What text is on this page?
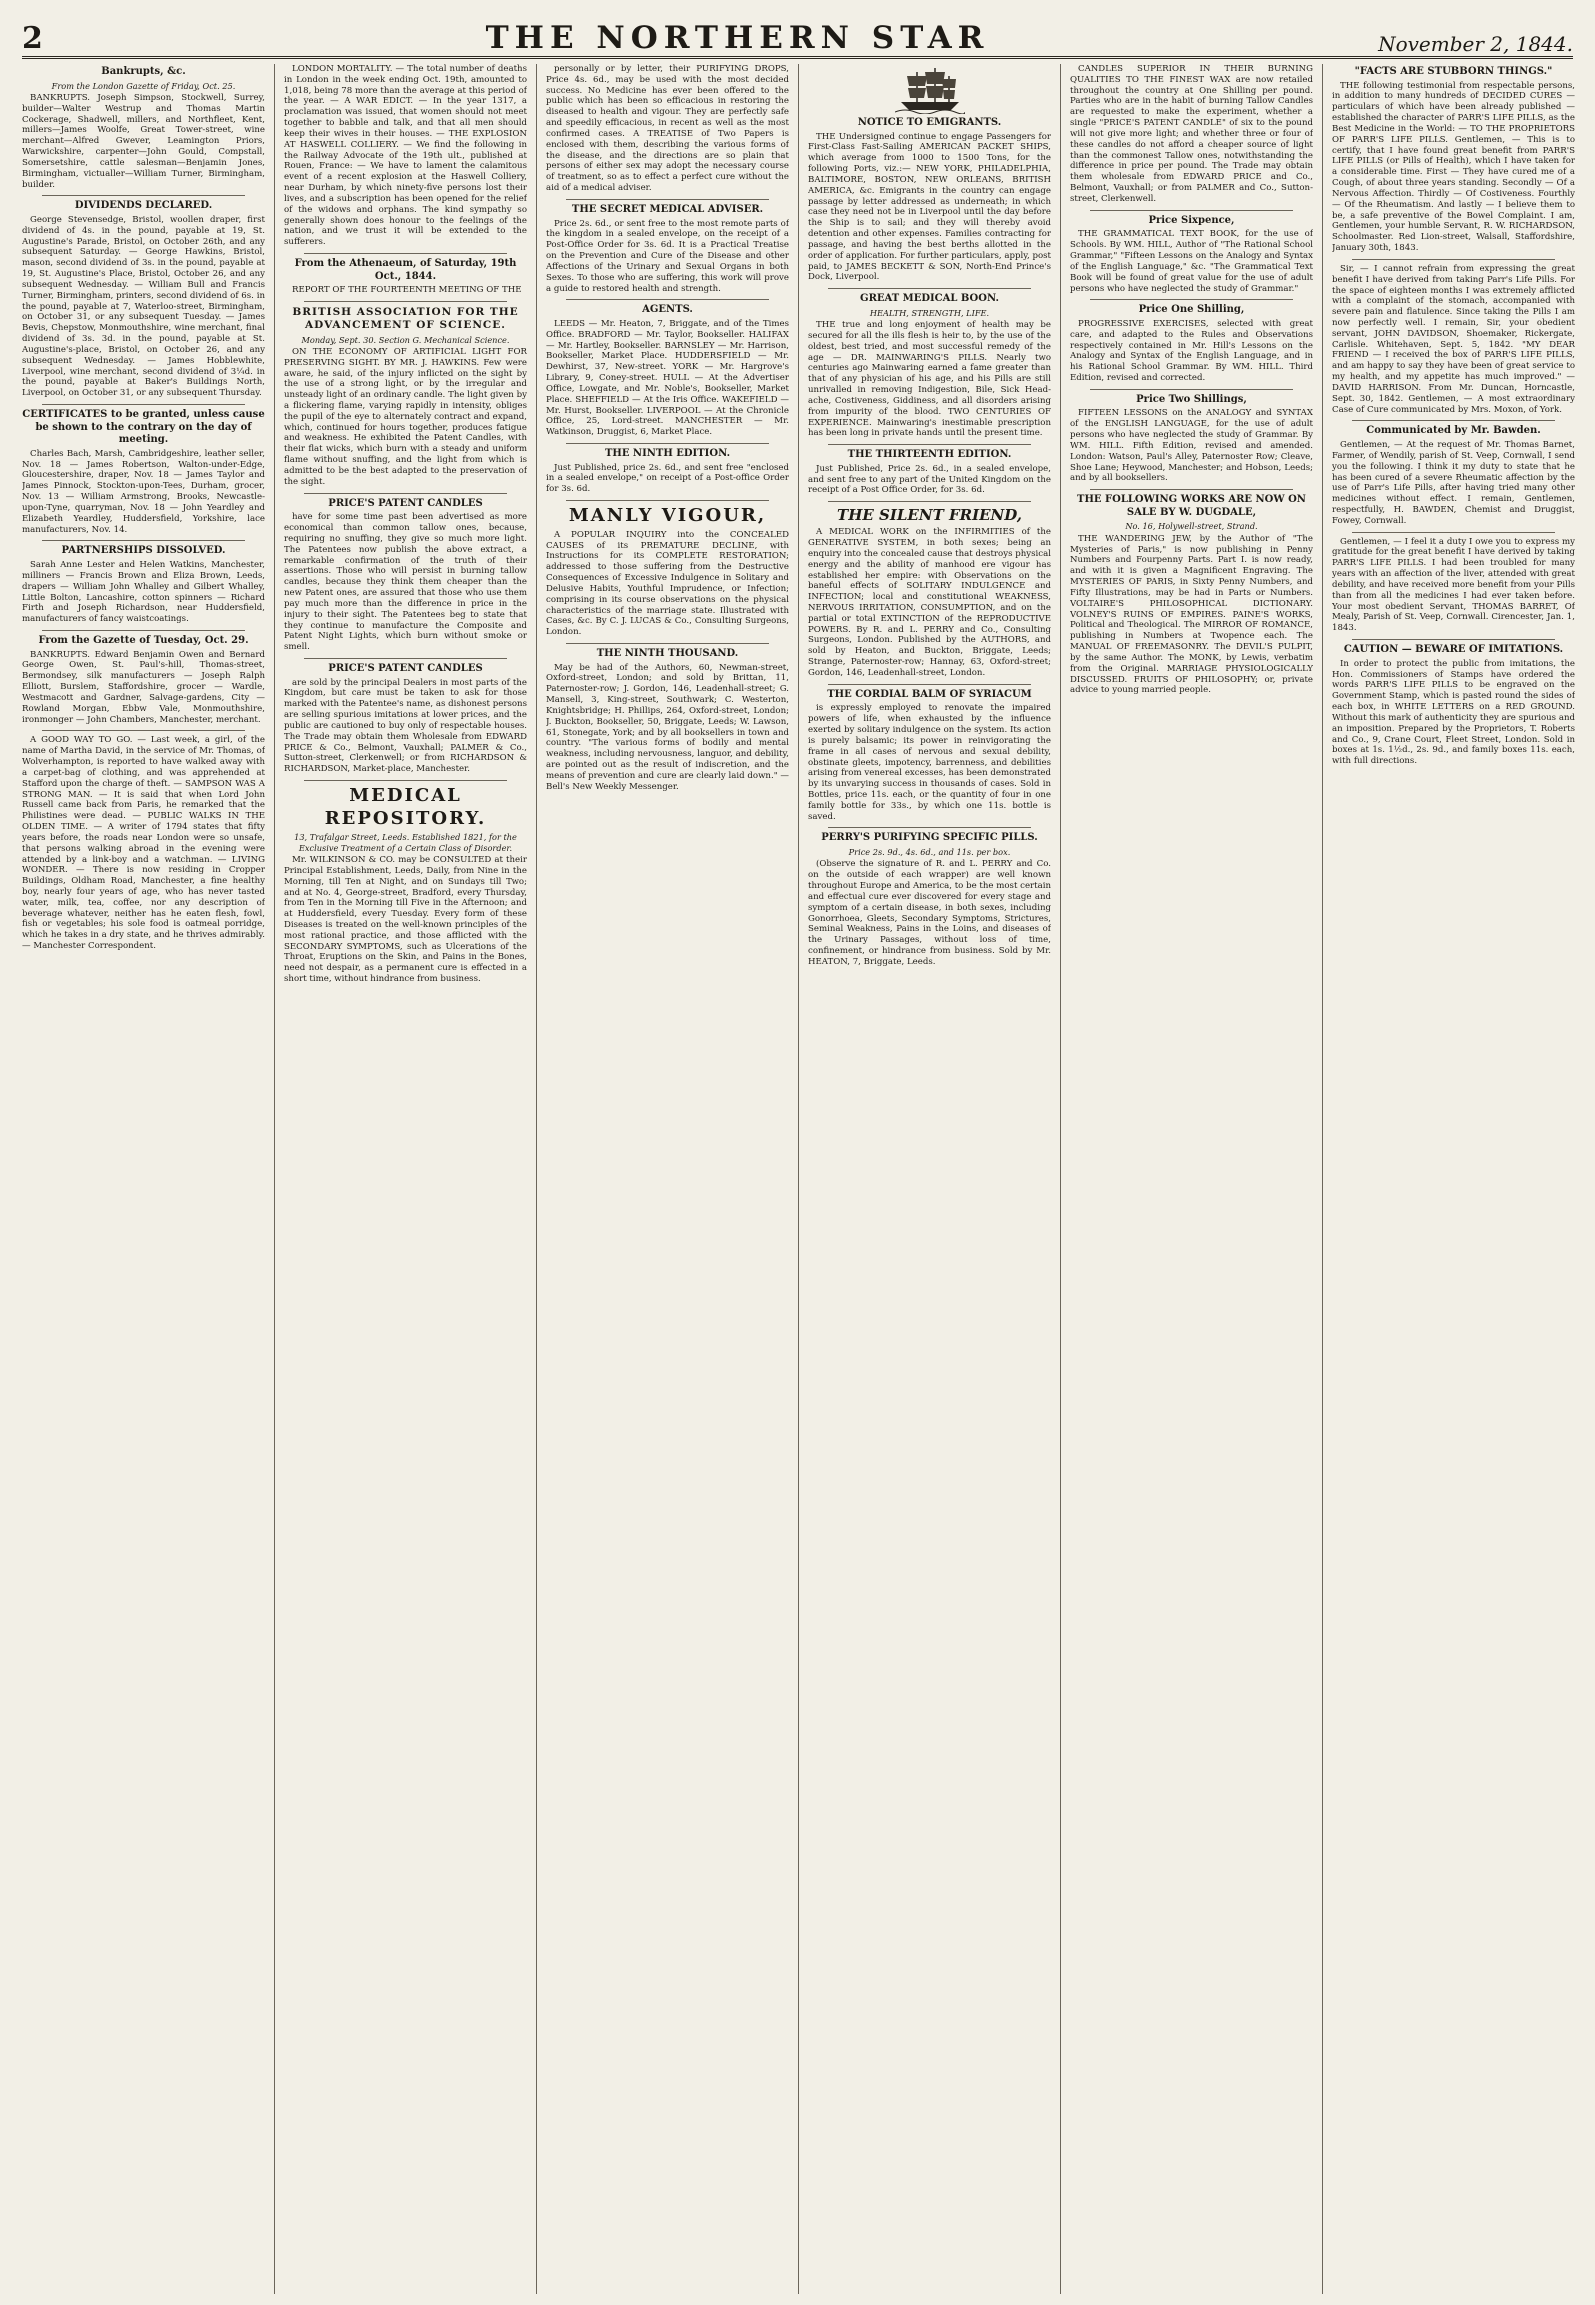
2	THE NORTHERN STAR	November 2, 1844.
Bankrupts, &c.
From the London Gazette of Friday, Oct. 25.
BANKRUPTS. Joseph Simpson, Stockwell, Surrey, builder—Walter Westrup and Thomas Martin Cockerage, Shadwell, millers, and Northfleet, Kent, millers—James Woolfe, Great Tower-street, wine merchant—Alfred Gwever, Leamington Priors, Warwickshire, carpenter—John Gould, Compstall, Somersetshire, cattle salesman—Benjamin Jones, Birmingham, victualler—William Turner, Birmingham, builder.
DIVIDENDS DECLARED.
George Stevensedge, Bristol, woollen draper, first dividend of 4s. in the pound, payable at 19, St. Augustine's Parade, Bristol, on October 26th, and any subsequent Saturday. — George Hawkins, Bristol, mason, second dividend of 3s. in the pound, payable at 19, St. Augustine's Place, Bristol, October 26, and any subsequent Wednesday. — William Bull and Francis Turner, Birmingham, printers, second dividend of 6s. in the pound, payable at 7, Waterloo-street, Birmingham, on October 31, or any subsequent Tuesday. — James Bevis, Chepstow, Monmouthshire, wine merchant, final dividend of 3s. 3d. in the pound, payable at St. Augustine's-place, Bristol, on October 26, and any subsequent Wednesday. — James Hobblewhite, Liverpool, wine merchant, second dividend of 3¼d. in the pound, payable at Baker's Buildings North, Liverpool, on October 31, or any subsequent Thursday.
CERTIFICATES to be granted, unless cause be shown to the contrary on the day of meeting.
Charles Bach, Marsh, Cambridgeshire, leather seller, Nov. 18 — James Robertson, Walton-under-Edge, Gloucestershire, draper, Nov. 18 — James Taylor and James Pinnock, Stockton-upon-Tees, Durham, grocer, Nov. 13 — William Armstrong, Brooks, Newcastle-upon-Tyne, quarryman, Nov. 18 — John Yeardley and Elizabeth Yeardley, Huddersfield, Yorkshire, lace manufacturers, Nov. 14.
PARTNERSHIPS DISSOLVED.
Sarah Anne Lester and Helen Watkins, Manchester, milliners — Francis Brown and Eliza Brown, Leeds, drapers — William John Whalley and Gilbert Whalley, Little Bolton, Lancashire, cotton spinners — Richard Firth and Joseph Richardson, near Huddersfield, manufacturers of fancy waistcoatings.
From the Gazette of Tuesday, Oct. 29.
BANKRUPTS. Edward Benjamin Owen and Bernard George Owen, St. Paul's-hill, Thomas-street, Bermondsey, silk manufacturers — Joseph Ralph Elliott, Burslem, Staffordshire, grocer — Wardle, Westmacott and Gardner, Salvage-gardens, City — Rowland Morgan, Ebbw Vale, Monmouthshire, ironmonger — John Chambers, Manchester, merchant.
A GOOD WAY TO GO. — Last week, a girl, of the name of Martha David, in the service of Mr. Thomas, of Wolverhampton, is reported to have walked away with a carpet-bag of clothing, and was apprehended at Stafford upon the charge of theft. — SAMPSON WAS A STRONG MAN. — It is said that when Lord John Russell came back from Paris, he remarked that the Philistines were dead. — PUBLIC WALKS IN THE OLDEN TIME. — A writer of 1794 states that fifty years before, the roads near London were so unsafe, that persons walking abroad in the evening were attended by a link-boy and a watchman. — LIVING WONDER. — There is now residing in Cropper Buildings, Oldham Road, Manchester, a fine healthy boy, nearly four years of age, who has never tasted water, milk, tea, coffee, nor any description of beverage whatever, neither has he eaten flesh, fowl, fish or vegetables; his sole food is oatmeal porridge, which he takes in a dry state, and he thrives admirably. — Manchester Correspondent.
LONDON MORTALITY. — The total number of deaths in London in the week ending Oct. 19th, amounted to 1,018, being 78 more than the average at this period of the year. — A WAR EDICT. — In the year 1317, a proclamation was issued, that women should not meet together to babble and talk, and that all men should keep their wives in their houses. — THE EXPLOSION AT HASWELL COLLIERY. — We find the following in the Railway Advocate of the 19th ult., published at Rouen, France: — We have to lament the calamitous event of a recent explosion at the Haswell Colliery, near Durham, by which ninety-five persons lost their lives, and a subscription has been opened for the relief of the widows and orphans. The kind sympathy so generally shown does honour to the feelings of the nation, and we trust it will be extended to the sufferers.
From the Athenaeum, of Saturday, 19th Oct., 1844.
REPORT OF THE FOURTEENTH MEETING OF THE
BRITISH ASSOCIATION FOR THE ADVANCEMENT OF SCIENCE.
Monday, Sept. 30. Section G. Mechanical Science.
ON THE ECONOMY OF ARTIFICIAL LIGHT FOR PRESERVING SIGHT. BY MR. J. HAWKINS. Few were aware, he said, of the injury inflicted on the sight by the use of a strong light, or by the irregular and unsteady light of an ordinary candle. The light given by a flickering flame, varying rapidly in intensity, obliges the pupil of the eye to alternately contract and expand, which, continued for hours together, produces fatigue and weakness. He exhibited the Patent Candles, with their flat wicks, which burn with a steady and uniform flame without snuffing, and the light from which is admitted to be the best adapted to the preservation of the sight.
PRICE'S PATENT CANDLES
have for some time past been advertised as more economical than common tallow ones, because, requiring no snuffing, they give so much more light. The Patentees now publish the above extract, a remarkable confirmation of the truth of their assertions. Those who will persist in burning tallow candles, because they think them cheaper than the new Patent ones, are assured that those who use them pay much more than the difference in price in the injury to their sight. The Patentees beg to state that they continue to manufacture the Composite and Patent Night Lights, which burn without smoke or smell.
PRICE'S PATENT CANDLES
are sold by the principal Dealers in most parts of the Kingdom, but care must be taken to ask for those marked with the Patentee's name, as dishonest persons are selling spurious imitations at lower prices, and the public are cautioned to buy only of respectable houses. The Trade may obtain them Wholesale from EDWARD PRICE & Co., Belmont, Vauxhall; PALMER & Co., Sutton-street, Clerkenwell; or from RICHARDSON & RICHARDSON, Market-place, Manchester.
MEDICAL REPOSITORY.
13, Trafalgar Street, Leeds. Established 1821, for the Exclusive Treatment of a Certain Class of Disorder.
Mr. WILKINSON & CO. may be CONSULTED at their Principal Establishment, Leeds, Daily, from Nine in the Morning, till Ten at Night, and on Sundays till Two; and at No. 4, George-street, Bradford, every Thursday, from Ten in the Morning till Five in the Afternoon; and at Huddersfield, every Tuesday. Every form of these Diseases is treated on the well-known principles of the most rational practice, and those afflicted with the SECONDARY SYMPTOMS, such as Ulcerations of the Throat, Eruptions on the Skin, and Pains in the Bones, need not despair, as a permanent cure is effected in a short time, without hindrance from business.
personally or by letter, their PURIFYING DROPS, Price 4s. 6d., may be used with the most decided success. No Medicine has ever been offered to the public which has been so efficacious in restoring the diseased to health and vigour. They are perfectly safe and speedily efficacious, in recent as well as the most confirmed cases. A TREATISE of Two Papers is enclosed with them, describing the various forms of the disease, and the directions are so plain that persons of either sex may adopt the necessary course of treatment, so as to effect a perfect cure without the aid of a medical adviser.
THE SECRET MEDICAL ADVISER.
Price 2s. 6d., or sent free to the most remote parts of the kingdom in a sealed envelope, on the receipt of a Post-Office Order for 3s. 6d. It is a Practical Treatise on the Prevention and Cure of the Disease and other Affections of the Urinary and Sexual Organs in both Sexes. To those who are suffering, this work will prove a guide to restored health and strength.
AGENTS.
LEEDS — Mr. Heaton, 7, Briggate, and of the Times Office. BRADFORD — Mr. Taylor, Bookseller. HALIFAX — Mr. Hartley, Bookseller. BARNSLEY — Mr. Harrison, Bookseller, Market Place. HUDDERSFIELD — Mr. Dewhirst, 37, New-street. YORK — Mr. Hargrove's Library, 9, Coney-street. HULL — At the Advertiser Office, Lowgate, and Mr. Noble's, Bookseller, Market Place. SHEFFIELD — At the Iris Office. WAKEFIELD — Mr. Hurst, Bookseller. LIVERPOOL — At the Chronicle Office, 25, Lord-street. MANCHESTER — Mr. Watkinson, Druggist, 6, Market Place.
THE NINTH EDITION.
Just Published, price 2s. 6d., and sent free "enclosed in a sealed envelope," on receipt of a Post-office Order for 3s. 6d.
MANLY VIGOUR,
A POPULAR INQUIRY into the CONCEALED CAUSES of its PREMATURE DECLINE, with Instructions for its COMPLETE RESTORATION; addressed to those suffering from the Destructive Consequences of Excessive Indulgence in Solitary and Delusive Habits, Youthful Imprudence, or Infection; comprising in its course observations on the physical characteristics of the marriage state. Illustrated with Cases, &c. By C. J. LUCAS & Co., Consulting Surgeons, London.
THE NINTH THOUSAND.
May be had of the Authors, 60, Newman-street, Oxford-street, London; and sold by Brittan, 11, Paternoster-row; J. Gordon, 146, Leadenhall-street; G. Mansell, 3, King-street, Southwark; C. Westerton, Knightsbridge; H. Phillips, 264, Oxford-street, London; J. Buckton, Bookseller, 50, Briggate, Leeds; W. Lawson, 61, Stonegate, York; and by all booksellers in town and country. "The various forms of bodily and mental weakness, including nervousness, languor, and debility, are pointed out as the result of indiscretion, and the means of prevention and cure are clearly laid down." — Bell's New Weekly Messenger.
NOTICE TO EMIGRANTS.
THE Undersigned continue to engage Passengers for First-Class Fast-Sailing AMERICAN PACKET SHIPS, which average from 1000 to 1500 Tons, for the following Ports, viz.:— NEW YORK, PHILADELPHIA, BALTIMORE, BOSTON, NEW ORLEANS, BRITISH AMERICA, &c. Emigrants in the country can engage passage by letter addressed as underneath; in which case they need not be in Liverpool until the day before the Ship is to sail; and they will thereby avoid detention and other expenses. Families contracting for passage, and having the best berths allotted in the order of application. For further particulars, apply, post paid, to JAMES BECKETT & SON, North-End Prince's Dock, Liverpool.
GREAT MEDICAL BOON.
HEALTH, STRENGTH, LIFE.
THE true and long enjoyment of health may be secured for all the ills flesh is heir to, by the use of the oldest, best tried, and most successful remedy of the age — DR. MAINWARING'S PILLS. Nearly two centuries ago Mainwaring earned a fame greater than that of any physician of his age, and his Pills are still unrivalled in removing Indigestion, Bile, Sick Head-ache, Costiveness, Giddiness, and all disorders arising from impurity of the blood. TWO CENTURIES OF EXPERIENCE. Mainwaring's inestimable prescription has been long in private hands until the present time.
THE THIRTEENTH EDITION.
Just Published, Price 2s. 6d., in a sealed envelope, and sent free to any part of the United Kingdom on the receipt of a Post Office Order, for 3s. 6d.
THE SILENT FRIEND,
A MEDICAL WORK on the INFIRMITIES of the GENERATIVE SYSTEM, in both sexes; being an enquiry into the concealed cause that destroys physical energy and the ability of manhood ere vigour has established her empire: with Observations on the baneful effects of SOLITARY INDULGENCE and INFECTION; local and constitutional WEAKNESS, NERVOUS IRRITATION, CONSUMPTION, and on the partial or total EXTINCTION of the REPRODUCTIVE POWERS. By R. and L. PERRY and Co., Consulting Surgeons, London. Published by the AUTHORS, and sold by Heaton, and Buckton, Briggate, Leeds; Strange, Paternoster-row; Hannay, 63, Oxford-street; Gordon, 146, Leadenhall-street, London.
THE CORDIAL BALM OF SYRIACUM
is expressly employed to renovate the impaired powers of life, when exhausted by the influence exerted by solitary indulgence on the system. Its action is purely balsamic; its power in reinvigorating the frame in all cases of nervous and sexual debility, obstinate gleets, impotency, barrenness, and debilities arising from venereal excesses, has been demonstrated by its unvarying success in thousands of cases. Sold in Bottles, price 11s. each, or the quantity of four in one family bottle for 33s., by which one 11s. bottle is saved.
PERRY'S PURIFYING SPECIFIC PILLS.
Price 2s. 9d., 4s. 6d., and 11s. per box.
(Observe the signature of R. and L. PERRY and Co. on the outside of each wrapper) are well known throughout Europe and America, to be the most certain and effectual cure ever discovered for every stage and symptom of a certain disease, in both sexes, including Gonorrhoea, Gleets, Secondary Symptoms, Strictures, Seminal Weakness, Pains in the Loins, and diseases of the Urinary Passages, without loss of time, confinement, or hindrance from business. Sold by Mr. HEATON, 7, Briggate, Leeds.
CANDLES SUPERIOR IN THEIR BURNING QUALITIES TO THE FINEST WAX are now retailed throughout the country at One Shilling per pound. Parties who are in the habit of burning Tallow Candles are requested to make the experiment, whether a single "PRICE'S PATENT CANDLE" of six to the pound will not give more light; and whether three or four of these candles do not afford a cheaper source of light than the commonest Tallow ones, notwithstanding the difference in price per pound. The Trade may obtain them wholesale from EDWARD PRICE and Co., Belmont, Vauxhall; or from PALMER and Co., Sutton-street, Clerkenwell.
Price Sixpence,
THE GRAMMATICAL TEXT BOOK, for the use of Schools. By WM. HILL, Author of "The Rational School Grammar," "Fifteen Lessons on the Analogy and Syntax of the English Language," &c. "The Grammatical Text Book will be found of great value for the use of adult persons who have neglected the study of Grammar."
Price One Shilling,
PROGRESSIVE EXERCISES, selected with great care, and adapted to the Rules and Observations respectively contained in Mr. Hill's Lessons on the Analogy and Syntax of the English Language, and in his Rational School Grammar. By WM. HILL. Third Edition, revised and corrected.
Price Two Shillings,
FIFTEEN LESSONS on the ANALOGY and SYNTAX of the ENGLISH LANGUAGE, for the use of adult persons who have neglected the study of Grammar. By WM. HILL. Fifth Edition, revised and amended. London: Watson, Paul's Alley, Paternoster Row; Cleave, Shoe Lane; Heywood, Manchester; and Hobson, Leeds; and by all booksellers.
THE FOLLOWING WORKS ARE NOW ON SALE BY W. DUGDALE,
No. 16, Holywell-street, Strand.
THE WANDERING JEW, by the Author of "The Mysteries of Paris," is now publishing in Penny Numbers and Fourpenny Parts. Part I. is now ready, and with it is given a Magnificent Engraving. The MYSTERIES OF PARIS, in Sixty Penny Numbers, and Fifty Illustrations, may be had in Parts or Numbers. VOLTAIRE'S PHILOSOPHICAL DICTIONARY. VOLNEY'S RUINS OF EMPIRES. PAINE'S WORKS, Political and Theological. The MIRROR OF ROMANCE, publishing in Numbers at Twopence each. The MANUAL OF FREEMASONRY. The DEVIL'S PULPIT, by the same Author. The MONK, by Lewis, verbatim from the Original. MARRIAGE PHYSIOLOGICALLY DISCUSSED. FRUITS OF PHILOSOPHY; or, private advice to young married people.
"FACTS ARE STUBBORN THINGS."
THE following testimonial from respectable persons, in addition to many hundreds of DECIDED CURES — particulars of which have been already published — established the character of PARR'S LIFE PILLS, as the Best Medicine in the World: — TO THE PROPRIETORS OF PARR'S LIFE PILLS. Gentlemen, — This is to certify, that I have found great benefit from PARR'S LIFE PILLS (or Pills of Health), which I have taken for a considerable time. First — They have cured me of a Cough, of about three years standing. Secondly — Of a Nervous Affection. Thirdly — Of Costiveness. Fourthly — Of the Rheumatism. And lastly — I believe them to be, a safe preventive of the Bowel Complaint. I am, Gentlemen, your humble Servant, R. W. RICHARDSON, Schoolmaster. Red Lion-street, Walsall, Staffordshire, January 30th, 1843.
Sir, — I cannot refrain from expressing the great benefit I have derived from taking Parr's Life Pills. For the space of eighteen months I was extremely afflicted with a complaint of the stomach, accompanied with severe pain and flatulence. Since taking the Pills I am now perfectly well. I remain, Sir, your obedient servant, JOHN DAVIDSON, Shoemaker, Rickergate, Carlisle. Whitehaven, Sept. 5, 1842. "MY DEAR FRIEND — I received the box of PARR'S LIFE PILLS, and am happy to say they have been of great service to my health, and my appetite has much improved." — DAVID HARRISON. From Mr. Duncan, Horncastle, Sept. 30, 1842. Gentlemen, — A most extraordinary Case of Cure communicated by Mrs. Moxon, of York.
Communicated by Mr. Bawden.
Gentlemen, — At the request of Mr. Thomas Barnet, Farmer, of Wendily, parish of St. Veep, Cornwall, I send you the following. I think it my duty to state that he has been cured of a severe Rheumatic affection by the use of Parr's Life Pills, after having tried many other medicines without effect. I remain, Gentlemen, respectfully, H. BAWDEN, Chemist and Druggist, Fowey, Cornwall.
Gentlemen, — I feel it a duty I owe you to express my gratitude for the great benefit I have derived by taking PARR'S LIFE PILLS. I had been troubled for many years with an affection of the liver, attended with great debility, and have received more benefit from your Pills than from all the medicines I had ever taken before. Your most obedient Servant, THOMAS BARRET, Of Mealy, Parish of St. Veep, Cornwall. Cirencester, Jan. 1, 1843.
CAUTION — BEWARE OF IMITATIONS.
In order to protect the public from imitations, the Hon. Commissioners of Stamps have ordered the words PARR'S LIFE PILLS to be engraved on the Government Stamp, which is pasted round the sides of each box, in WHITE LETTERS on a RED GROUND. Without this mark of authenticity they are spurious and an imposition. Prepared by the Proprietors, T. Roberts and Co., 9, Crane Court, Fleet Street, London. Sold in boxes at 1s. 1½d., 2s. 9d., and family boxes 11s. each, with full directions.
